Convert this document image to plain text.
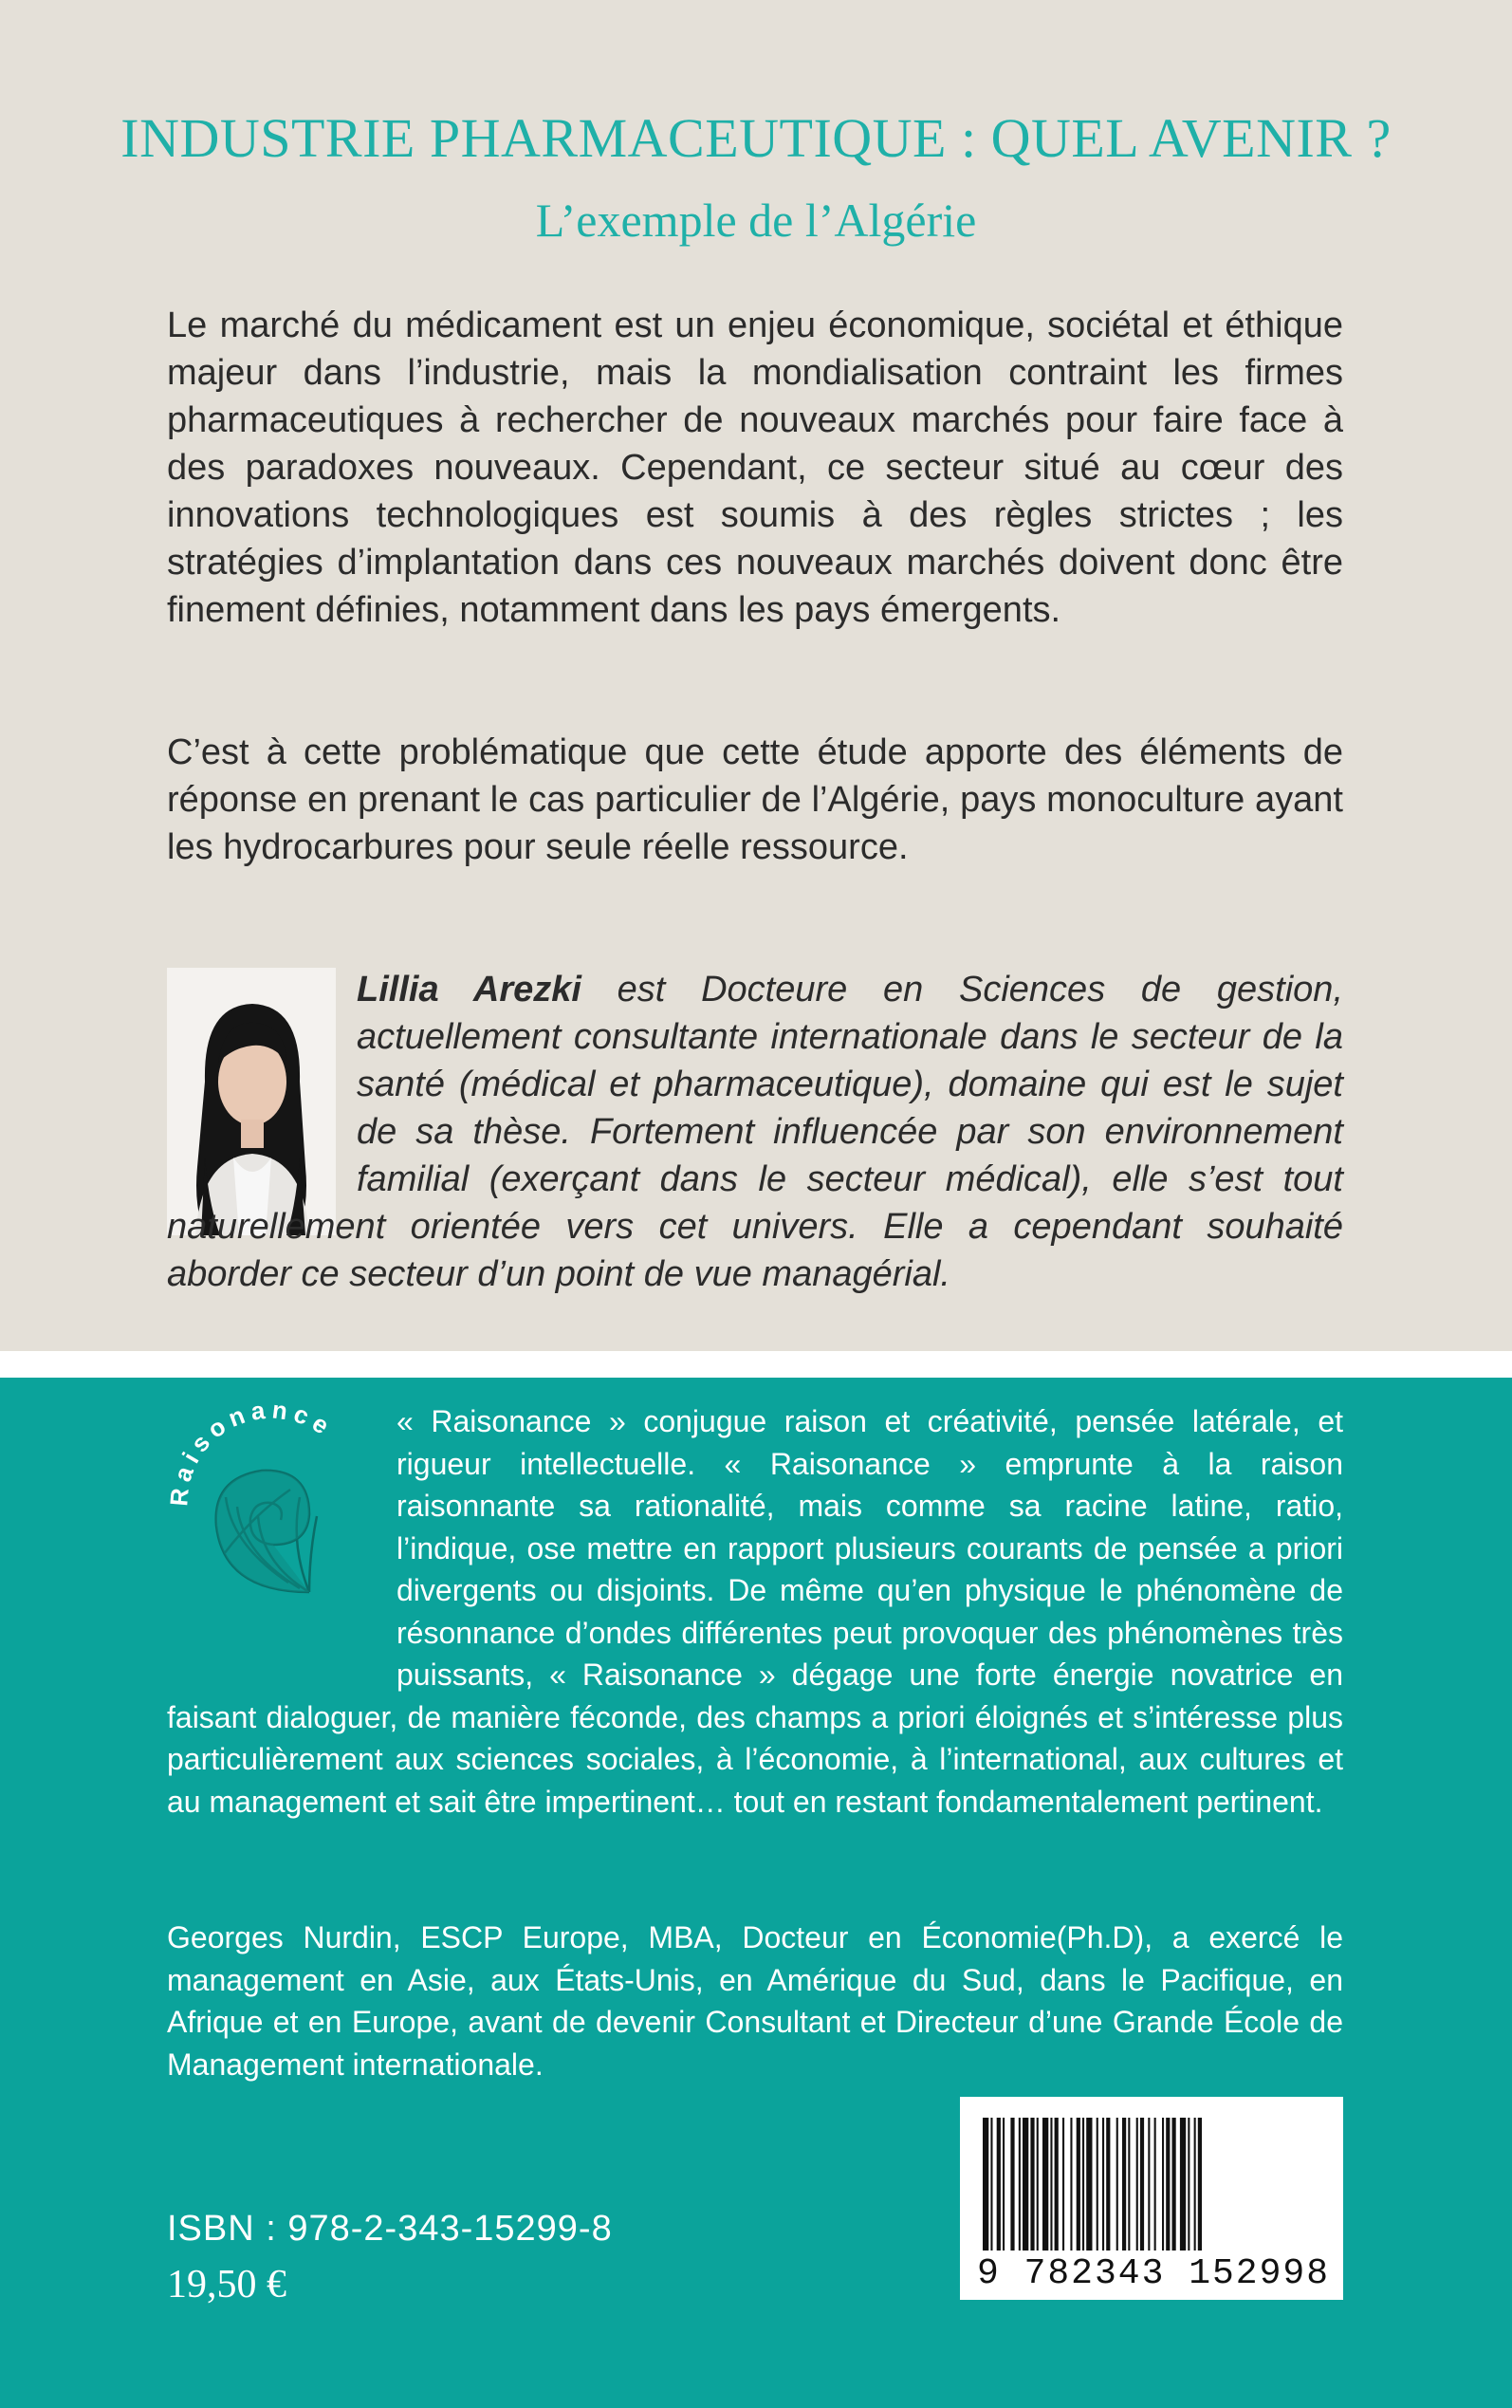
INDUSTRIE PHARMACEUTIQUE : QUEL AVENIR ?
L’exemple de l’Algérie

Le marché du médicament est un enjeu économique, sociétal et éthique majeur dans l’industrie, mais la mondialisation contraint les firmes pharmaceutiques à rechercher de nouveaux marchés pour faire face à des paradoxes nouveaux. Cependant, ce secteur situé au cœur des innovations technologiques est soumis à des règles strictes ; les stratégies d’implantation dans ces nouveaux marchés doivent donc être finement définies, notamment dans les pays émergents.

C’est à cette problématique que cette étude apporte des éléments de réponse en prenant le cas particulier de l’Algérie, pays monoculture ayant les hydrocarbures pour seule réelle ressource.

Lillia Arezki est Docteure en Sciences de gestion, actuellement consultante internationale dans le secteur de la santé (médical et pharmaceutique), domaine qui est le sujet de sa thèse. Fortement influencée par son environnement familial (exerçant dans le secteur médical), elle s’est tout naturellement orientée vers cet univers. Elle a cependant souhaité aborder ce secteur d’un point de vue managérial.

Raisonance	« Raisonance » conjugue raison et créativité, pensée latérale, et rigueur intellectuelle. « Raisonance » emprunte à la raison raisonnante sa rationalité, mais comme sa racine latine, ratio, l’indique, ose mettre en rapport plusieurs courants de pensée a priori divergents ou disjoints. De même qu’en physique le phénomène de résonnance d’ondes différentes peut provoquer des phénomènes très puissants, « Raisonance » dégage une forte énergie novatrice en faisant dialoguer, de manière féconde, des champs a priori éloignés et s’intéresse plus particulièrement aux sciences sociales, à l’économie, à l’international, aux cultures et au management et sait être impertinent… tout en restant fondamentalement pertinent.

Georges Nurdin, ESCP Europe, MBA, Docteur en Économie(Ph.D), a exercé le management en Asie, aux États-Unis, en Amérique du Sud, dans le Pacifique, en Afrique et en Europe, avant de devenir Consultant et Directeur d’une Grande École de Management internationale.

ISBN : 978-2-343-15299-8

19,50 €	9 782343 152998
